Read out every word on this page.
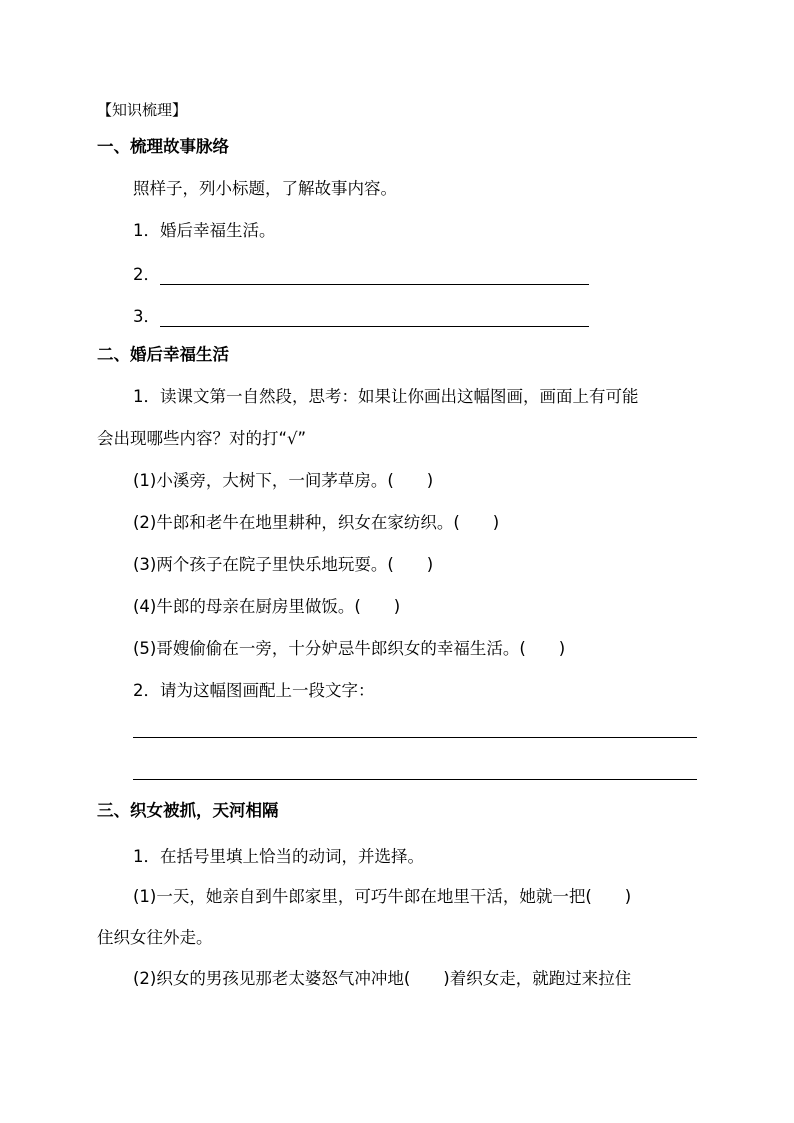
【知识梳理】
一、梳理故事脉络
照样子，列小标题，了解故事内容。
1．婚后幸福生活。
2．
3．
二、婚后幸福生活
1．读课文第一自然段，思考：如果让你画出这幅图画，画面上有可能
会出现哪些内容？对的打“√”
(1)小溪旁，大树下，一间茅草房。(　　)
(2)牛郎和老牛在地里耕种，织女在家纺织。(　　)
(3)两个孩子在院子里快乐地玩耍。(　　)
(4)牛郎的母亲在厨房里做饭。(　　)
(5)哥嫂偷偷在一旁，十分妒忌牛郎织女的幸福生活。(　　)
2．请为这幅图画配上一段文字：
三、织女被抓，天河相隔
1．在括号里填上恰当的动词，并选择。
(1)一天，她亲自到牛郎家里，可巧牛郎在地里干活，她就一把(　　)
住织女往外走。
(2)织女的男孩见那老太婆怒气冲冲地(　　)着织女走，就跑过来拉住
